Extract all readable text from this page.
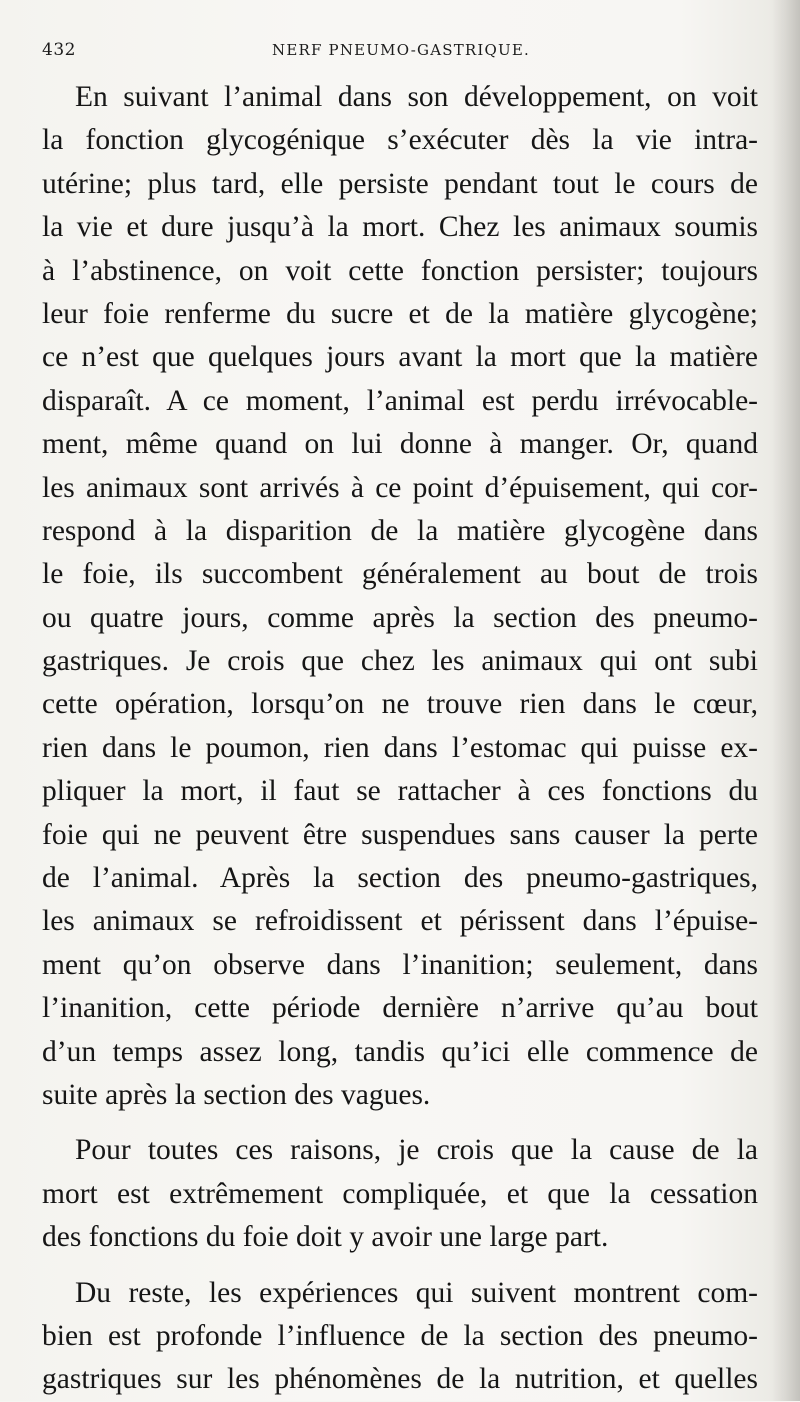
432	NERF PNEUMO-GASTRIQUE.
En suivant l’animal dans son développement, on voit
la fonction glycogénique s’exécuter dès la vie intra-
utérine; plus tard, elle persiste pendant tout le cours de
la vie et dure jusqu’à la mort. Chez les animaux soumis
à l’abstinence, on voit cette fonction persister; toujours
leur foie renferme du sucre et de la matière glycogène;
ce n’est que quelques jours avant la mort que la matière
disparaît. A ce moment, l’animal est perdu irrévocable-
ment, même quand on lui donne à manger. Or, quand
les animaux sont arrivés à ce point d’épuisement, qui cor-
respond à la disparition de la matière glycogène dans
le foie, ils succombent généralement au bout de trois
ou quatre jours, comme après la section des pneumo-
gastriques. Je crois que chez les animaux qui ont subi
cette opération, lorsqu’on ne trouve rien dans le cœur,
rien dans le poumon, rien dans l’estomac qui puisse ex-
pliquer la mort, il faut se rattacher à ces fonctions du
foie qui ne peuvent être suspendues sans causer la perte
de l’animal. Après la section des pneumo-gastriques,
les animaux se refroidissent et périssent dans l’épuise-
ment qu’on observe dans l’inanition; seulement, dans
l’inanition, cette période dernière n’arrive qu’au bout
d’un temps assez long, tandis qu’ici elle commence de
suite après la section des vagues.
Pour toutes ces raisons, je crois que la cause de la
mort est extrêmement compliquée, et que la cessation
des fonctions du foie doit y avoir une large part.
Du reste, les expériences qui suivent montrent com-
bien est profonde l’influence de la section des pneumo-
gastriques sur les phénomènes de la nutrition, et quelles
